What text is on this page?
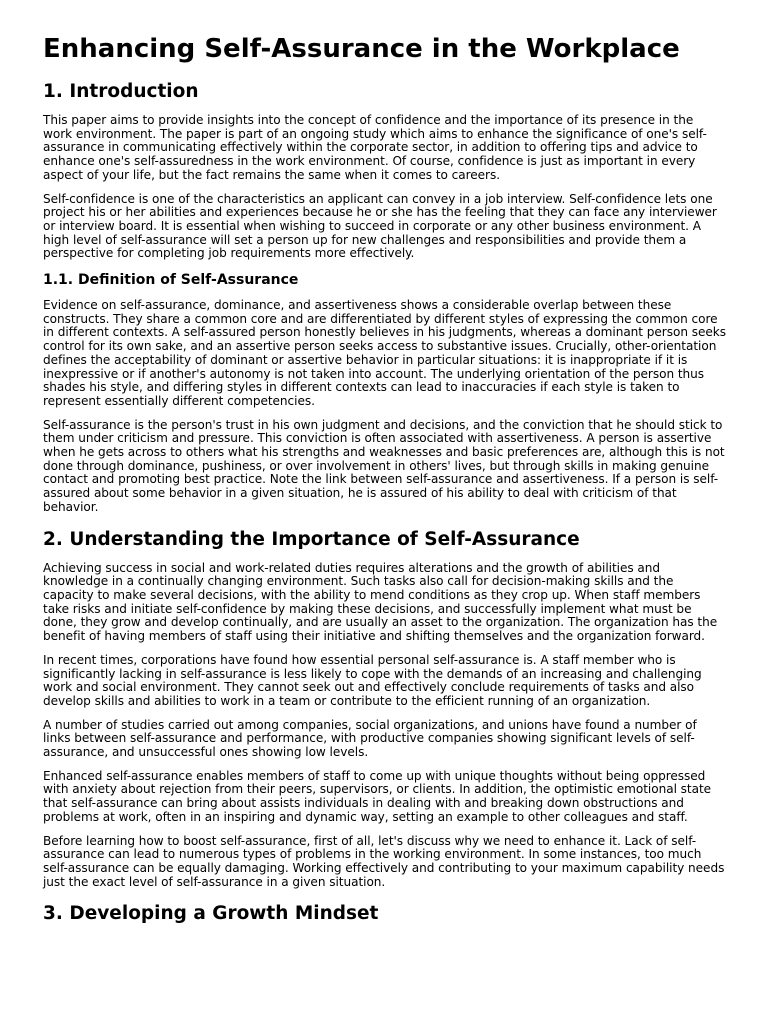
Enhancing Self-Assurance in the Workplace
1. Introduction

This paper aims to provide insights into the concept of confidence and the importance of its presence in the work environment. The paper is part of an ongoing study which aims to enhance the significance of one's self-assurance in communicating effectively within the corporate sector, in addition to offering tips and advice to enhance one's self-assuredness in the work environment. Of course, confidence is just as important in every aspect of your life, but the fact remains the same when it comes to careers.

Self-confidence is one of the characteristics an applicant can convey in a job interview. Self-confidence lets one project his or her abilities and experiences because he or she has the feeling that they can face any interviewer or interview board. It is essential when wishing to succeed in corporate or any other business environment. A high level of self-assurance will set a person up for new challenges and responsibilities and provide them a perspective for completing job requirements more effectively.

1.1. Definition of Self-Assurance

Evidence on self-assurance, dominance, and assertiveness shows a considerable overlap between these constructs. They share a common core and are differentiated by different styles of expressing the common core in different contexts. A self-assured person honestly believes in his judgments, whereas a dominant person seeks control for its own sake, and an assertive person seeks access to substantive issues. Crucially, other-orientation defines the acceptability of dominant or assertive behavior in particular situations: it is inappropriate if it is inexpressive or if another's autonomy is not taken into account. The underlying orientation of the person thus shades his style, and differing styles in different contexts can lead to inaccuracies if each style is taken to represent essentially different competencies.

Self-assurance is the person's trust in his own judgment and decisions, and the conviction that he should stick to them under criticism and pressure. This conviction is often associated with assertiveness. A person is assertive when he gets across to others what his strengths and weaknesses and basic preferences are, although this is not done through dominance, pushiness, or over involvement in others' lives, but through skills in making genuine contact and promoting best practice. Note the link between self-assurance and assertiveness. If a person is self-assured about some behavior in a given situation, he is assured of his ability to deal with criticism of that behavior.

2. Understanding the Importance of Self-Assurance

Achieving success in social and work-related duties requires alterations and the growth of abilities and knowledge in a continually changing environment. Such tasks also call for decision-making skills and the capacity to make several decisions, with the ability to mend conditions as they crop up. When staff members take risks and initiate self-confidence by making these decisions, and successfully implement what must be done, they grow and develop continually, and are usually an asset to the organization. The organization has the benefit of having members of staff using their initiative and shifting themselves and the organization forward.

In recent times, corporations have found how essential personal self-assurance is. A staff member who is significantly lacking in self-assurance is less likely to cope with the demands of an increasing and challenging work and social environment. They cannot seek out and effectively conclude requirements of tasks and also develop skills and abilities to work in a team or contribute to the efficient running of an organization.

A number of studies carried out among companies, social organizations, and unions have found a number of links between self-assurance and performance, with productive companies showing significant levels of self-assurance, and unsuccessful ones showing low levels.

Enhanced self-assurance enables members of staff to come up with unique thoughts without being oppressed with anxiety about rejection from their peers, supervisors, or clients. In addition, the optimistic emotional state that self-assurance can bring about assists individuals in dealing with and breaking down obstructions and problems at work, often in an inspiring and dynamic way, setting an example to other colleagues and staff.

Before learning how to boost self-assurance, first of all, let's discuss why we need to enhance it. Lack of self-assurance can lead to numerous types of problems in the working environment. In some instances, too much self-assurance can be equally damaging. Working effectively and contributing to your maximum capability needs just the exact level of self-assurance in a given situation.

3. Developing a Growth Mindset
